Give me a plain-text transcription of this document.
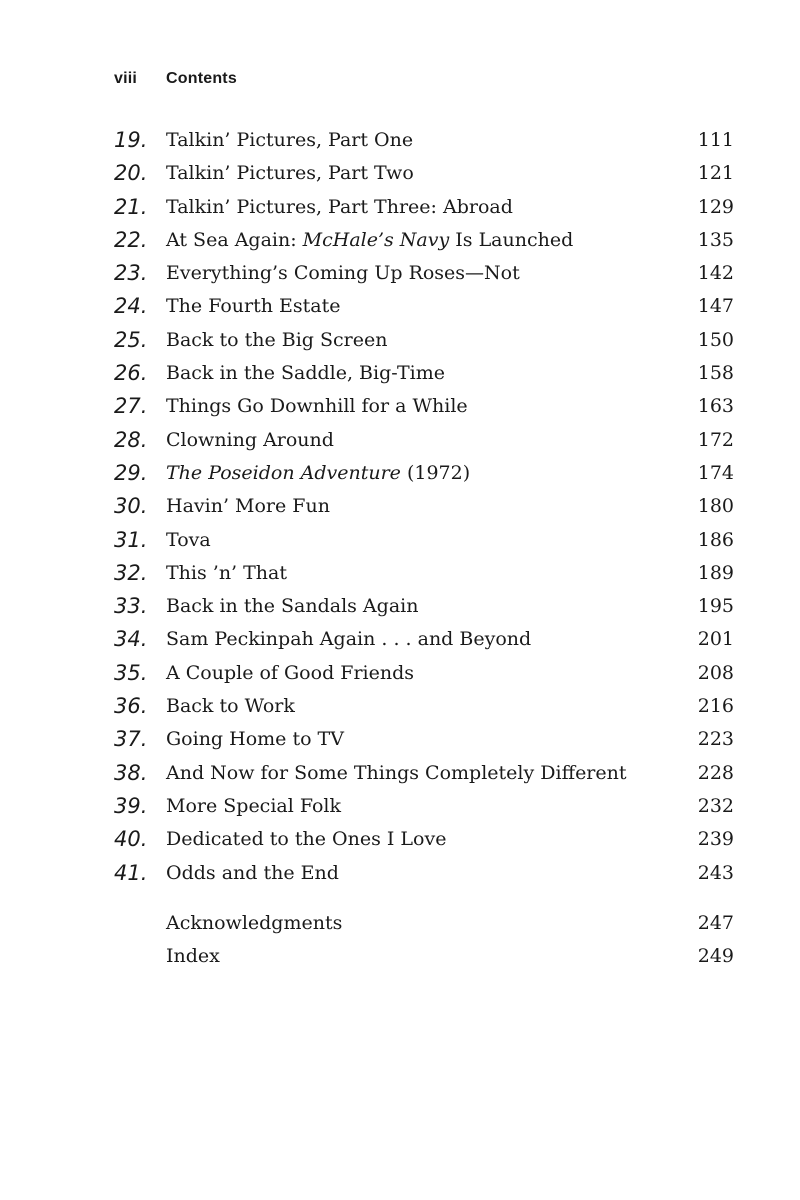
viii Contents
19. Talkin’ Pictures, Part One	111
20. Talkin’ Pictures, Part Two	121
21. Talkin’ Pictures, Part Three: Abroad	129
22. At Sea Again: McHale’s Navy Is Launched	135
23. Everything’s Coming Up Roses—Not	142
24. The Fourth Estate	147
25. Back to the Big Screen	150
26. Back in the Saddle, Big-Time	158
27. Things Go Downhill for a While	163
28. Clowning Around	172
29. The Poseidon Adventure (1972)	174
30. Havin’ More Fun	180
31. Tova	186
32. This ’n’ That	189
33. Back in the Sandals Again	195
34. Sam Peckinpah Again . . . and Beyond	201
35. A Couple of Good Friends	208
36. Back to Work	216
37. Going Home to TV	223
38. And Now for Some Things Completely Different	228
39. More Special Folk	232
40. Dedicated to the Ones I Love	239
41. Odds and the End	243
Acknowledgments	247
Index	249
